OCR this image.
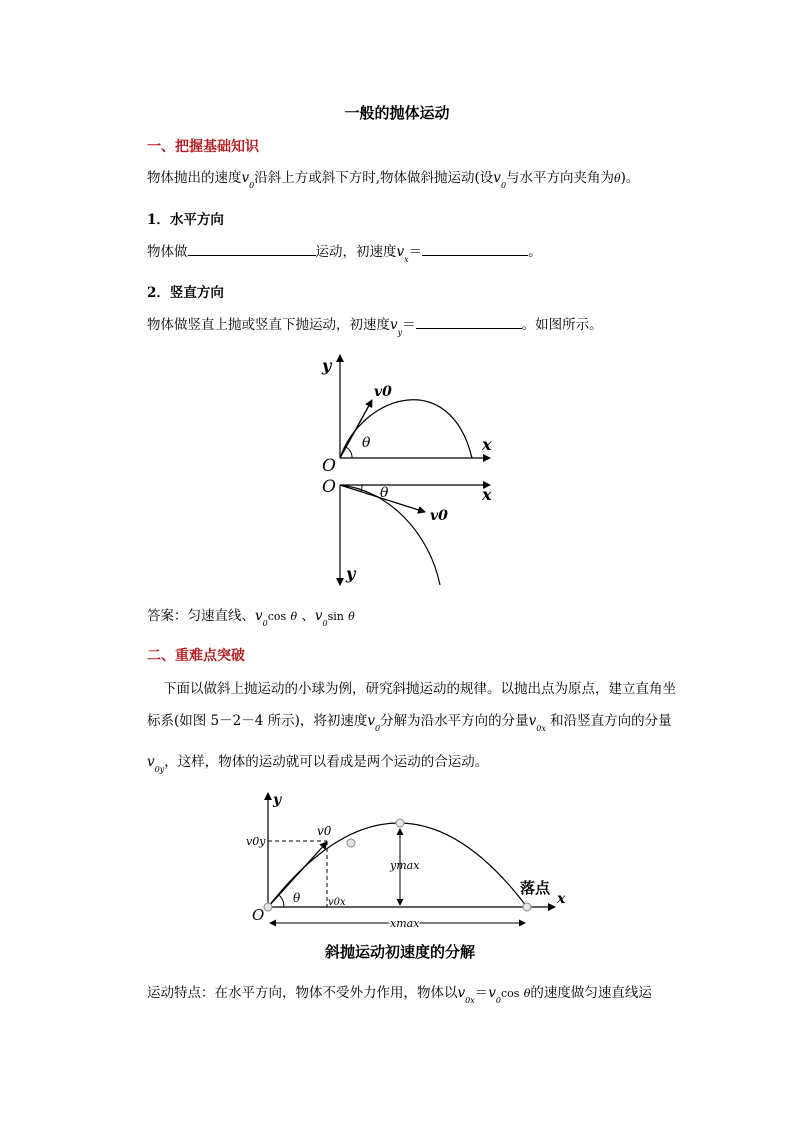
一般的抛体运动
一、把握基础知识
物体抛出的速度$v_0$沿斜上方或斜下方时,物体做斜抛运动(设$v_0$与水平方向夹角为θ)。
1．水平方向
物体做	运动，初速度$v_x=$	。
2．竖直方向
物体做竖直上抛或竖直下抛运动，初速度$v_y=$	。如图所示。
y
x
O
v0
θ
O	x
y
v0
θ
答案：匀速直线、$v_0\cos$ θ 、$v_0\sin$ θ
二、重难点突破
下面以做斜上抛运动的小球为例，研究斜抛运动的规律。以抛出点为原点，建立直角坐
标系(如图 5－2－4 所示)，将初速度$v_0$分解为沿水平方向的分量$v_{0x}$ 和沿竖直方向的分量
$v_{0y}$，这样，物体的运动就可以看成是两个运动的合运动。
y
x
O
v0
v0y
v0x
ymax
xmax
θ
落点
斜抛运动初速度的分解
运动特点：在水平方向，物体不受外力作用，物体以$v_{0x}=v_0\cos$ θ的速度做匀速直线运
